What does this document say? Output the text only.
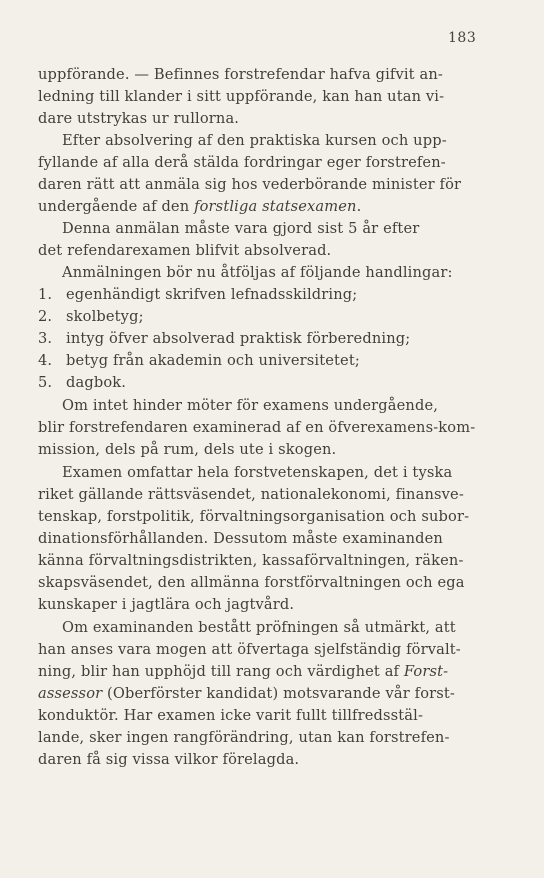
183
uppförande. — Befinnes forstrefendar hafva gifvit an-
ledning till klander i sitt uppförande, kan han utan vi-
dare utstrykas ur rullorna.
Efter absolvering af den praktiska kursen och upp-
fyllande af alla derå stälda fordringar eger forstrefen-
daren rätt att anmäla sig hos vederbörande minister för
undergående af den forstliga statsexamen.
Denna anmälan måste vara gjord sist 5 år efter
det refendarexamen blifvit absolverad.
Anmälningen bör nu åtföljas af följande handlingar:
1. egenhändigt skrifven lefnadsskildring;
2. skolbetyg;
3. intyg öfver absolverad praktisk förberedning;
4. betyg från akademin och universitetet;
5. dagbok.
Om intet hinder möter för examens undergående,
blir forstrefendaren examinerad af en öfverexamens-kom-
mission, dels på rum, dels ute i skogen.
Examen omfattar hela forstvetenskapen, det i tyska
riket gällande rättsväsendet, nationalekonomi, finansve-
tenskap, forstpolitik, förvaltningsorganisation och subor-
dinationsförhållanden. Dessutom måste examinanden
känna förvaltningsdistrikten, kassaförvaltningen, räken-
skapsväsendet, den allmänna forstförvaltningen och ega
kunskaper i jagtlära och jagtvård.
Om examinanden bestått pröfningen så utmärkt, att
han anses vara mogen att öfvertaga sjelfständig förvalt-
ning, blir han upphöjd till rang och värdighet af Forst-
assessor (Oberförster kandidat) motsvarande vår forst-
konduktör. Har examen icke varit fullt tillfredsstäl-
lande, sker ingen rangförändring, utan kan forstrefen-
daren få sig vissa vilkor förelagda.
